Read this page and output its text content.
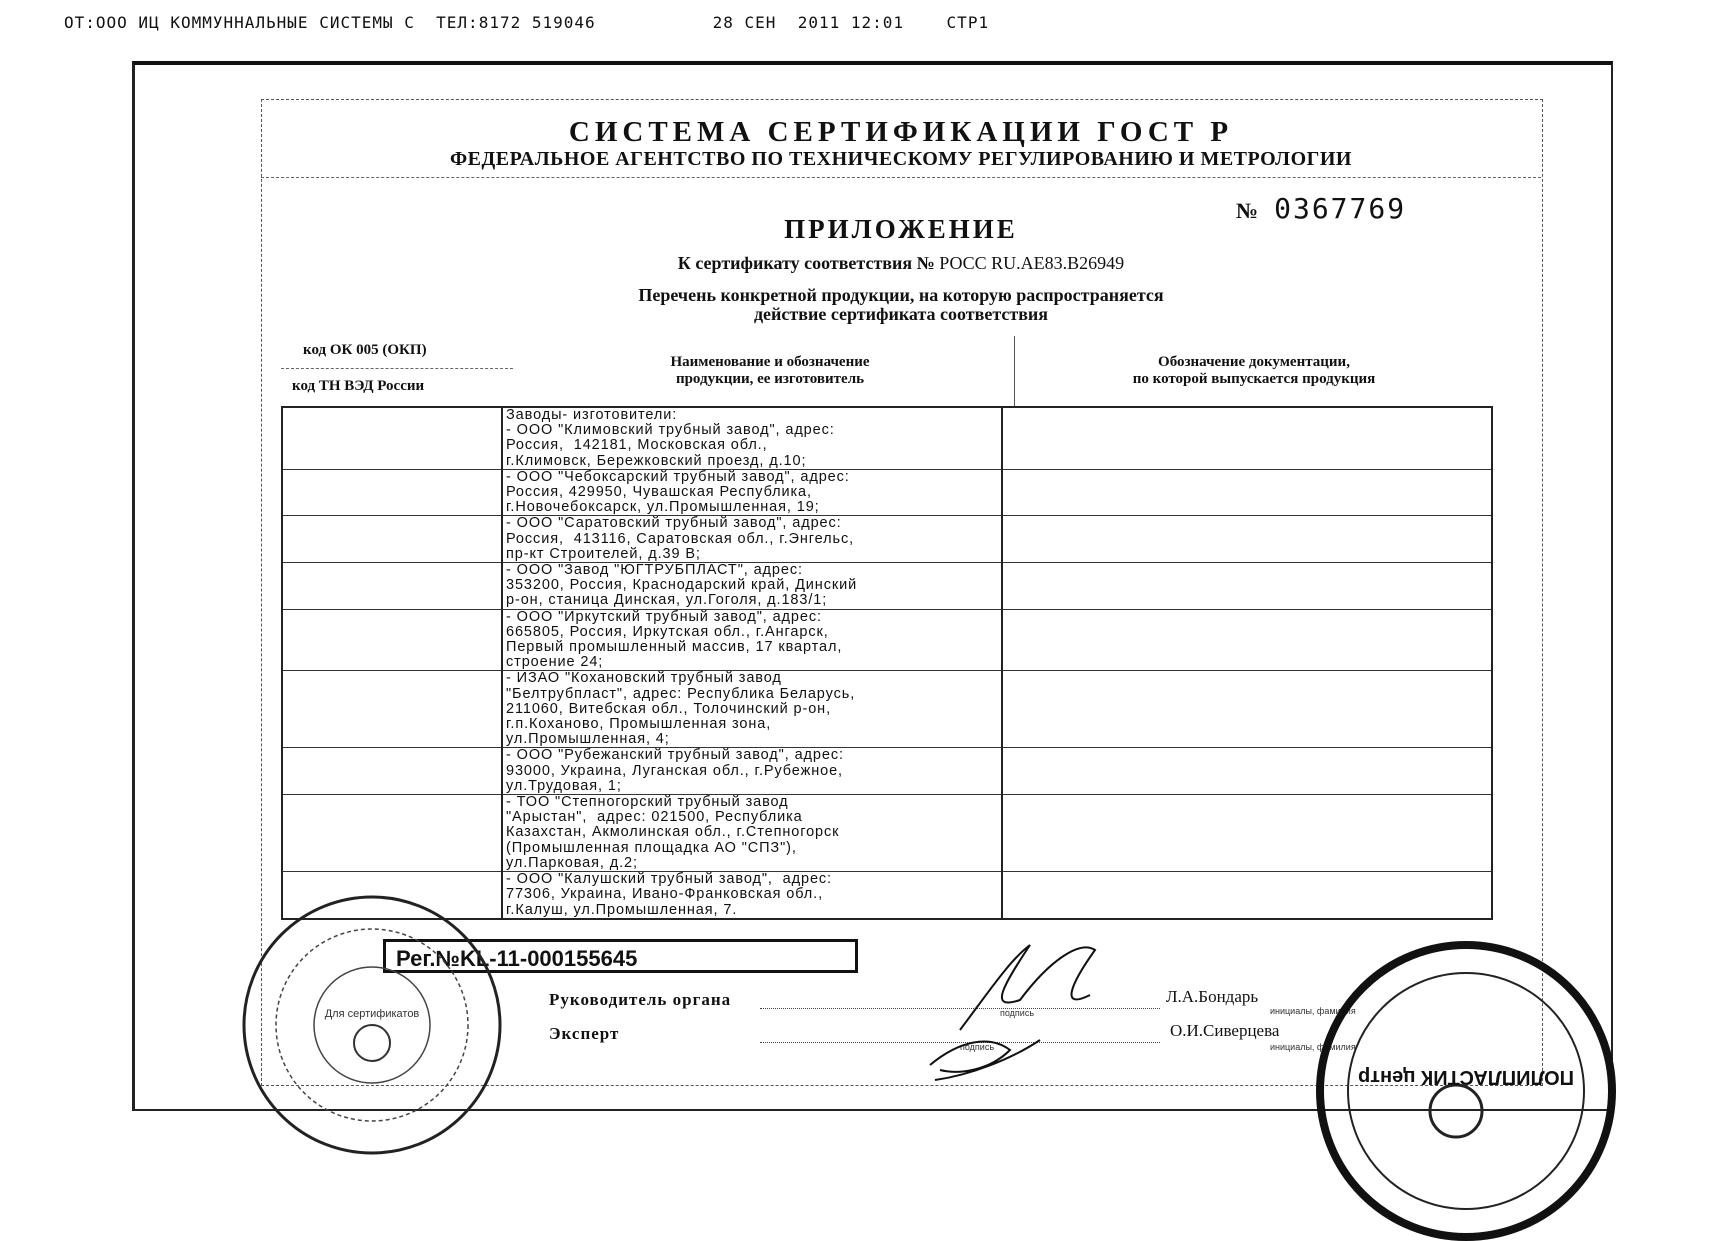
ОТ:ООО ИЦ КОММУННАЛЬНЫЕ СИСТЕМЫ С ТЕЛ:8172 519046	28 СЕН  2011 12:01	СТР1
СИСТЕМА СЕРТИФИКАЦИИ ГОСТ Р
ФЕДЕРАЛЬНОЕ АГЕНТСТВО ПО ТЕХНИЧЕСКОМУ РЕГУЛИРОВАНИЮ И МЕТРОЛОГИИ
№ 0367769
ПРИЛОЖЕНИЕ
К сертификату соответствия № РОСС RU.АЕ83.В26949
Перечень конкретной продукции, на которую распространяется
действие сертификата соответствия
код ОК 005 (ОКП)
код ТН ВЭД России
Наименование и обозначение
продукции, ее изготовитель
Обозначение документации,
по которой выпускается продукция
	Заводы- изготовители:
- ООО "Климовский трубный завод", адрес:
Россия,  142181, Московская обл.,
г.Климовск, Бережковский проезд, д.10;	
	- ООО "Чебоксарский трубный завод", адрес:
Россия, 429950, Чувашская Республика,
г.Новочебоксарск, ул.Промышленная, 19;	
	- ООО "Саратовский трубный завод", адрес:
Россия,  413116, Саратовская обл., г.Энгельс,
пр-кт Строителей, д.39 В;	
	- ООО "Завод "ЮГТРУБПЛАСТ", адрес:
353200, Россия, Краснодарский край, Динский
р-он, станица Динская, ул.Гоголя, д.183/1;	
	- ООО "Иркутский трубный завод", адрес:
665805, Россия, Иркутская обл., г.Ангарск,
Первый промышленный массив, 17 квартал,
строение 24;	
	- ИЗАО "Кохановский трубный завод
"Белтрубпласт", адрес: Республика Беларусь,
211060, Витебская обл., Толочинский р-он,
г.п.Коханово, Промышленная зона,
ул.Промышленная, 4;	
	- ООО "Рубежанский трубный завод", адрес:
93000, Украина, Луганская обл., г.Рубежное,
ул.Трудовая, 1;	
	- ТОО "Степногорский трубный завод
"Арыстан",  адрес: 021500, Республика
Казахстан, Акмолинская обл., г.Степногорск
(Промышленная площадка АО "СПЗ"),
ул.Парковая, д.2;	
	- ООО "Калушский трубный завод",  адрес:
77306, Украина, Ивано-Франковская обл.,
г.Калуш, ул.Промышленная, 7.	
Рег.№KL-11-000155645
Руководитель органа
подпись
Л.А.Бондарь
инициалы, фамилия
Эксперт
подпись
О.И.Сиверцева
инициалы, фамилия
Для сертификатов
ПОЛИПЛАСТИК центр
